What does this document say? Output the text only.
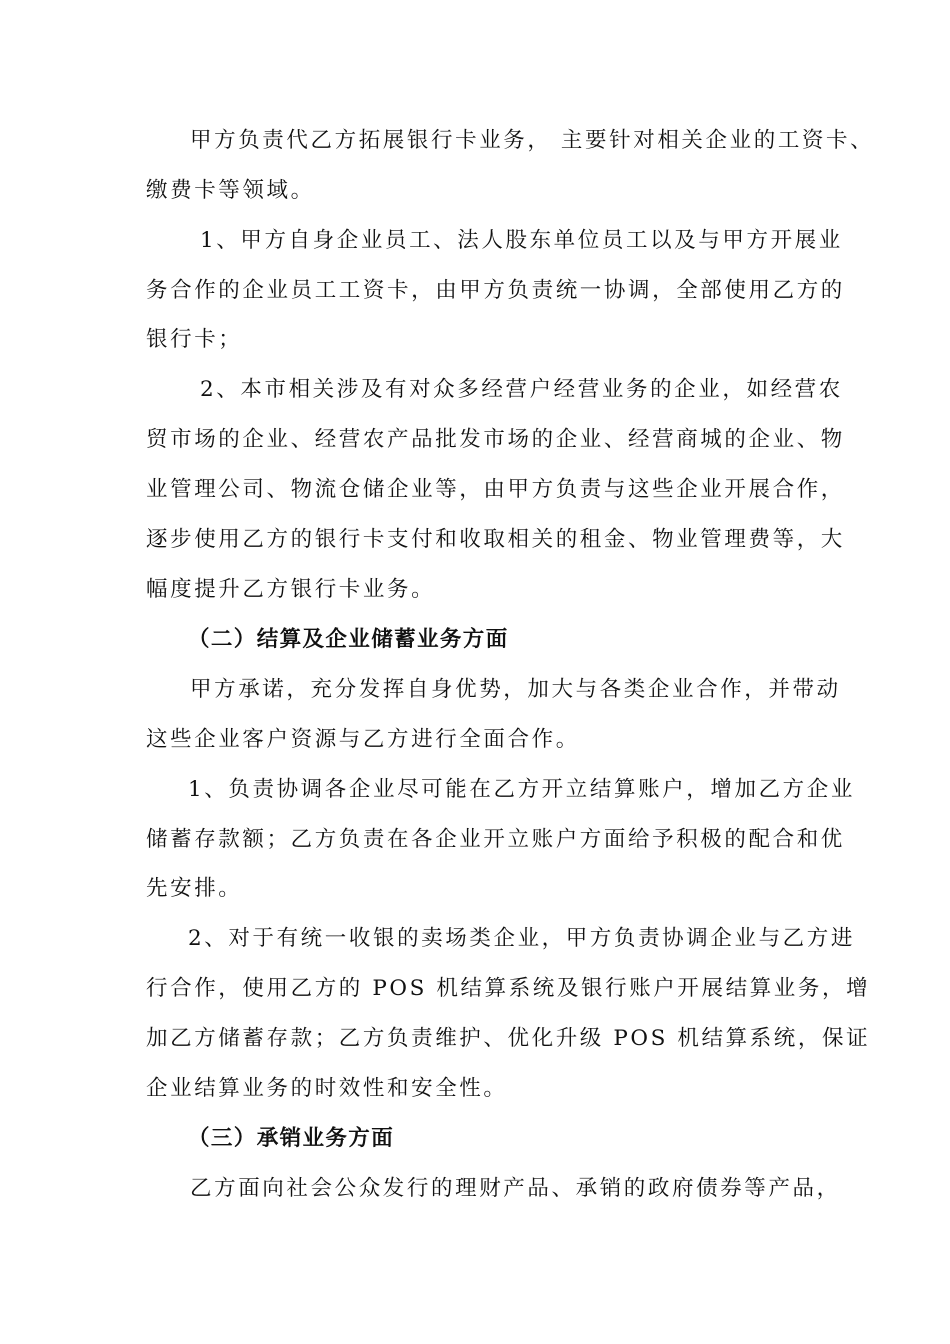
甲方负责代乙方拓展银行卡业务， 主要针对相关企业的工资卡、
缴费卡等领域。
1、甲方自身企业员工、法人股东单位员工以及与甲方开展业
务合作的企业员工工资卡，由甲方负责统一协调，全部使用乙方的
银行卡；
2、本市相关涉及有对众多经营户经营业务的企业，如经营农
贸市场的企业、经营农产品批发市场的企业、经营商城的企业、物
业管理公司、物流仓储企业等，由甲方负责与这些企业开展合作，
逐步使用乙方的银行卡支付和收取相关的租金、物业管理费等，大
幅度提升乙方银行卡业务。
（二）结算及企业储蓄业务方面
甲方承诺，充分发挥自身优势，加大与各类企业合作，并带动
这些企业客户资源与乙方进行全面合作。
1、负责协调各企业尽可能在乙方开立结算账户，增加乙方企业
储蓄存款额；乙方负责在各企业开立账户方面给予积极的配合和优
先安排。
2、对于有统一收银的卖场类企业，甲方负责协调企业与乙方进
行合作，使用乙方的 POS 机结算系统及银行账户开展结算业务，增
加乙方储蓄存款；乙方负责维护、优化升级 POS 机结算系统，保证
企业结算业务的时效性和安全性。
（三）承销业务方面
乙方面向社会公众发行的理财产品、承销的政府债券等产品，
